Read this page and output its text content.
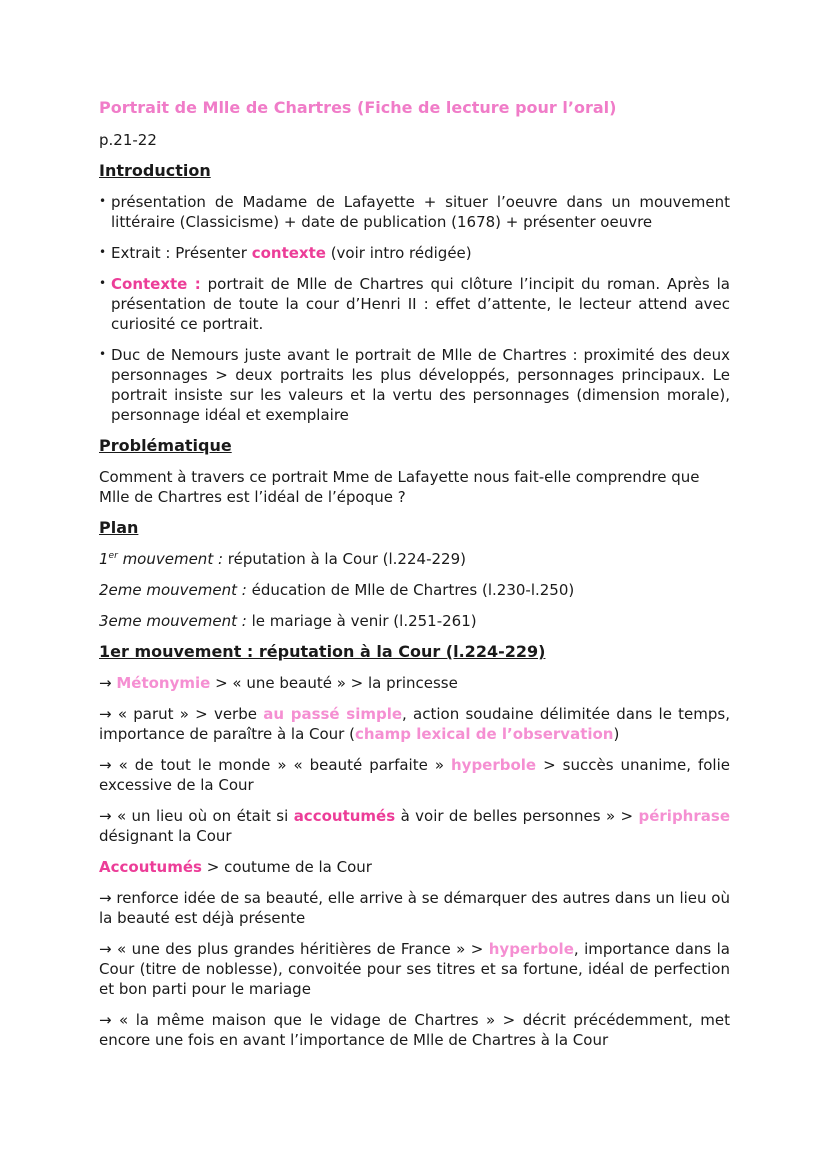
Portrait de Mlle de Chartres (Fiche de lecture pour l’oral)
p.21-22
Introduction
• présentation de Madame de Lafayette + situer l’oeuvre dans un mouvement littéraire (Classicisme) + date de publication (1678) + présenter oeuvre
• Extrait : Présenter contexte (voir intro rédigée)
• Contexte : portrait de Mlle de Chartres qui clôture l’incipit du roman. Après la présentation de toute la cour d’Henri II : effet d’attente, le lecteur attend avec curiosité ce portrait.
• Duc de Nemours juste avant le portrait de Mlle de Chartres : proximité des deux personnages > deux portraits les plus développés, personnages principaux. Le portrait insiste sur les valeurs et la vertu des personnages (dimension morale), personnage idéal et exemplaire
Problématique
Comment à travers ce portrait Mme de Lafayette nous fait-elle comprendre que Mlle de Chartres est l’idéal de l’époque ?
Plan
1er mouvement : réputation à la Cour (l.224-229)
2eme mouvement : éducation de Mlle de Chartres (l.230-l.250)
3eme mouvement : le mariage à venir (l.251-261)
1er mouvement : réputation à la Cour (l.224-229)
→ Métonymie > « une beauté » > la princesse
→ « parut » > verbe au passé simple, action soudaine délimitée dans le temps, importance de paraître à la Cour (champ lexical de l’observation)
→ « de tout le monde » « beauté parfaite » hyperbole > succès unanime, folie excessive de la Cour
→ « un lieu où on était si accoutumés à voir de belles personnes » > périphrase désignant la Cour
Accoutumés > coutume de la Cour
→ renforce idée de sa beauté, elle arrive à se démarquer des autres dans un lieu où la beauté est déjà présente
→ « une des plus grandes héritières de France » > hyperbole, importance dans la Cour (titre de noblesse), convoitée pour ses titres et sa fortune, idéal de perfection et bon parti pour le mariage
→ « la même maison que le vidage de Chartres » > décrit précédemment, met encore une fois en avant l’importance de Mlle de Chartres à la Cour
